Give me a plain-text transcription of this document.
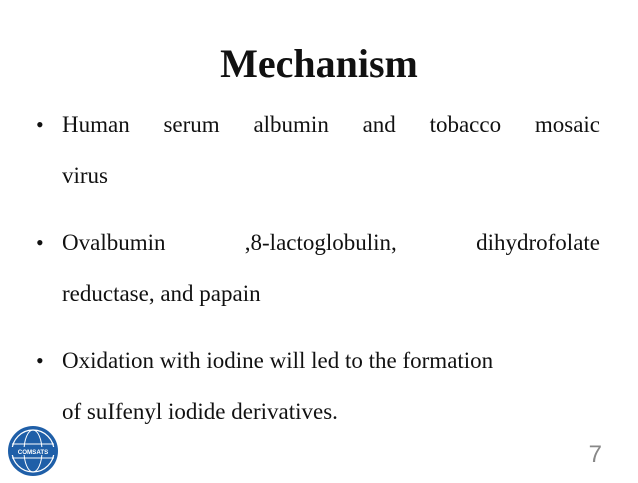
Mechanism
• Human serum albumin and tobacco mosaic
virus
• Ovalbumin ,8-lactoglobulin, dihydrofolate
reductase, and papain
• Oxidation with iodine will led to the formation
of suIfenyl iodide derivatives.
COMSATS	7
